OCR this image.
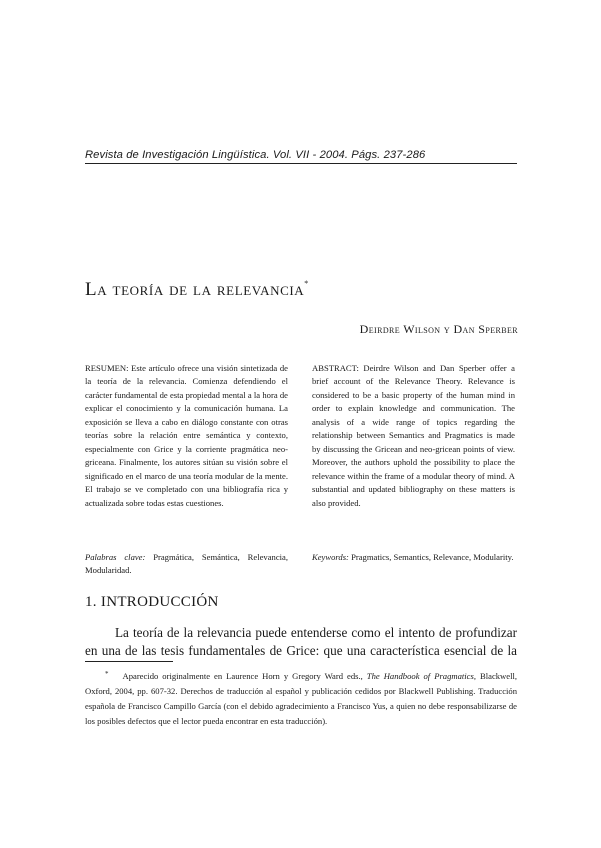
Revista de Investigación Lingüística. Vol. VII - 2004. Págs. 237-286
La teoría de la relevancia*
Deirdre Wilson y Dan Sperber

RESUMEN: Este artículo ofrece una visión sintetizada de la teoría de la relevancia. Comienza defendiendo el carácter fundamental de esta propiedad mental a la hora de explicar el conocimiento y la comunicación humana. La exposición se lleva a cabo en diálogo constante con otras teorías sobre la relación entre semántica y contexto, especialmente con Grice y la corriente pragmática neo-griceana. Finalmente, los autores sitúan su visión sobre el significado en el marco de una teoría modular de la mente. El trabajo se ve completado con una bibliografía rica y actualizada sobre todas estas cuestiones.

ABSTRACT: Deirdre Wilson and Dan Sperber offer a brief account of the Relevance Theory. Relevance is considered to be a basic property of the human mind in order to explain knowledge and communication. The analysis of a wide range of topics regarding the relationship between Semantics and Pragmatics is made by discussing the Gricean and neo-gricean points of view. Moreover, the authors uphold the possibility to place the relevance within the frame of a modular theory of mind. A substantial and updated bibliography on these matters is also provided.

Palabras clave: Pragmática, Semántica, Relevancia, Modularidad.
Keywords: Pragmatics, Semantics, Relevance, Modularity.
1. INTRODUCCIÓN

La teoría de la relevancia puede entenderse como el intento de profundizar en una de las tesis fundamentales de Grice: que una característica esencial de la

* Aparecido originalmente en Laurence Horn y Gregory Ward eds., The Handbook of Pragmatics, Blackwell, Oxford, 2004, pp. 607-32. Derechos de traducción al español y publicación cedidos por Blackwell Publishing. Traducción española de Francisco Campillo García (con el debido agradecimiento a Francisco Yus, a quien no debe responsabilizarse de los posibles defectos que el lector pueda encontrar en esta traducción).
